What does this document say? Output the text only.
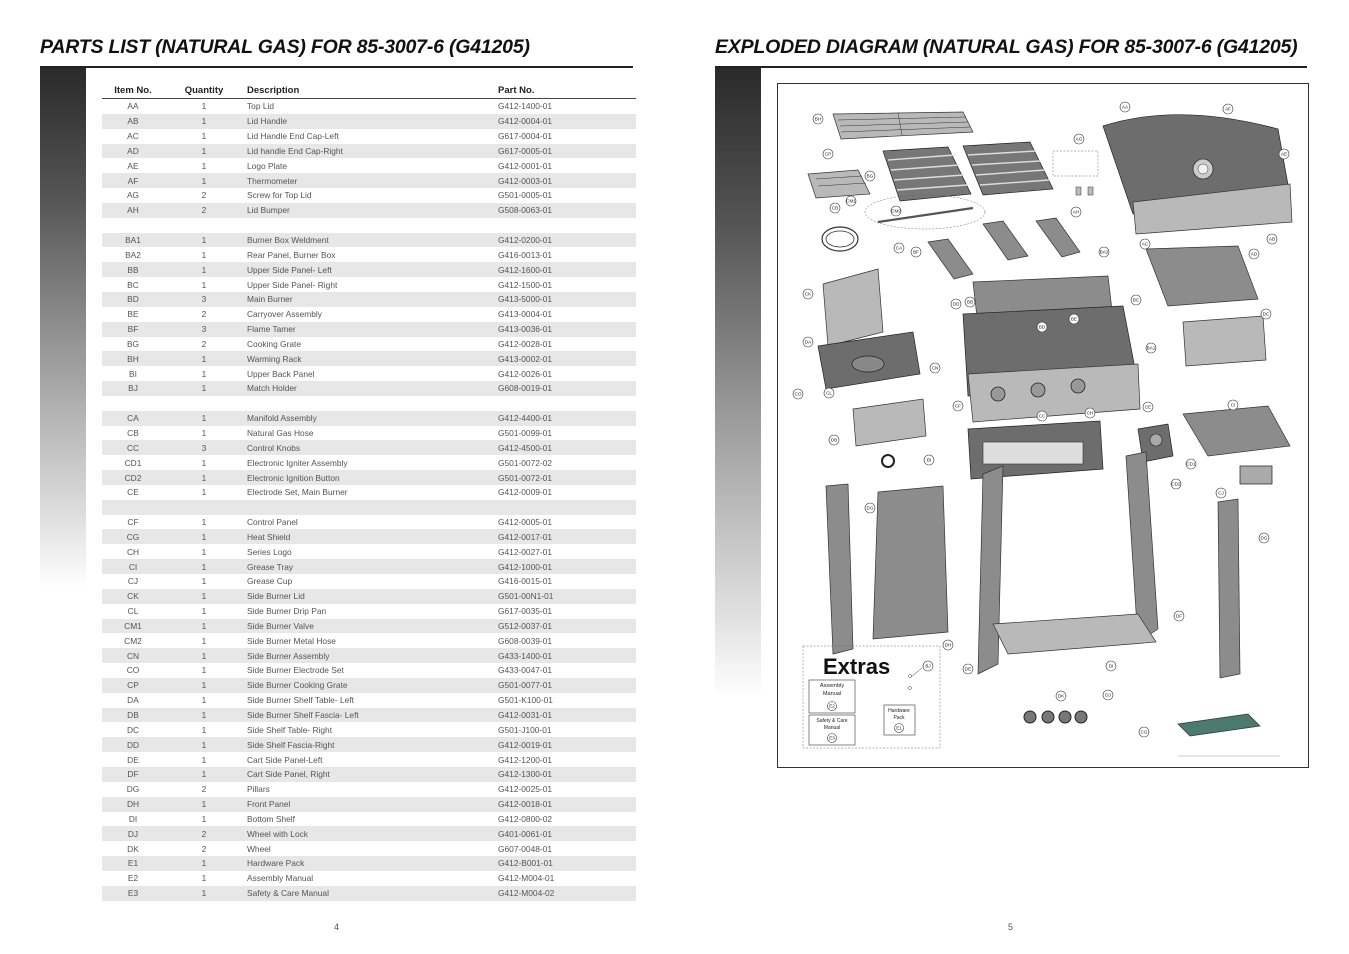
PARTS LIST (NATURAL GAS) FOR 85-3007-6 (G41205)	EXPLODED DIAGRAM (NATURAL GAS) FOR 85-3007-6 (G41205)
Item No.	Quantity	Description	Part No.
AA	1	Top Lid	G412-1400-01
AB	1	Lid Handle	G412-0004-01
AC	1	Lid Handle End Cap-Left	G617-0004-01
AD	1	Lid handle End Cap-Right	G617-0005-01
AE	1	Logo Plate	G412-0001-01
AF	1	Thermometer	G412-0003-01
AG	2	Screw for Top Lid	G501-0005-01
AH	2	Lid Bumper	G508-0063-01

BA1	1	Burner Box Weldment	G412-0200-01
BA2	1	Rear Panel, Burner Box	G416-0013-01
BB	1	Upper Side Panel- Left	G412-1600-01
BC	1	Upper Side Panel- Right	G412-1500-01
BD	3	Main Burner	G413-5000-01
BE	2	Carryover Assembly	G413-0004-01
BF	3	Flame Tamer	G413-0036-01
BG	2	Cooking Grate	G412-0028-01
BH	1	Warming Rack	G413-0002-01
BI	1	Upper Back Panel	G412-0026-01
BJ	1	Match Holder	G608-0019-01

CA	1	Manifold Assembly	G412-4400-01
CB	1	Natural Gas Hose	G501-0099-01
CC	3	Control Knobs	G412-4500-01
CD1	1	Electronic Igniter Assembly	G501-0072-02
CD2	1	Electronic Ignition Button	G501-0072-01
CE	1	Electrode Set, Main Burner	G412-0009-01

CF	1	Control Panel	G412-0005-01
CG	1	Heat Shield	G412-0017-01
CH	1	Series Logo	G412-0027-01
CI	1	Grease Tray	G412-1000-01
CJ	1	Grease Cup	G416-0015-01
CK	1	Side Burner Lid	G501-00N1-01
CL	1	Side Burner Drip Pan	G617-0035-01
CM1	1	Side Burner Valve	G512-0037-01
CM2	1	Side Burner Metal Hose	G608-0039-01
CN	1	Side Burner Assembly	G433-1400-01
CO	1	Side Burner Electrode Set	G433-0047-01
CP	1	Side Burner Cooking Grate	G501-0077-01
DA	1	Side Burner Shelf Table- Left	G501-K100-01
DB	1	Side Burner Shelf Fascia- Left	G412-0031-01
DC	1	Side Shelf Table- Right	G501-J100-01
DD	1	Side Shelf Fascia-Right	G412-0019-01
DE	1	Cart Side Panel-Left	G412-1200-01
DF	1	Cart Side Panel, Right	G412-1300-01
DG	2	Pillars	G412-0025-01
DH	1	Front Panel	G412-0018-01
DI	1	Bottom Shelf	G412-0800-02
DJ	2	Wheel with Lock	G401-0061-01
DK	2	Wheel	G607-0048-01
E1	1	Hardware Pack	G412-B001-01
E2	1	Assembly Manual	G412-M004-01
E3	1	Safety & Care Manual	G412-M004-02
4	5
Extras
Assembly
Manual
E2
Safety & Care
Manual
E3
Hardware
Pack
E1
BJ
AA	AF
AE
AB
AD
AC
AG
AH
BH
CP
BG
CB
CM1
CM2
CA
BF	BA2
DC
BC
DD
CK
BB
BD
BE
BA1
DA
CN
CO	CL
CF
DB
CI
CE
CH
CC
CD1
CD2
BI
CJ
CG
DG
DG
DF
DH
DE
DI
DK	DJ
